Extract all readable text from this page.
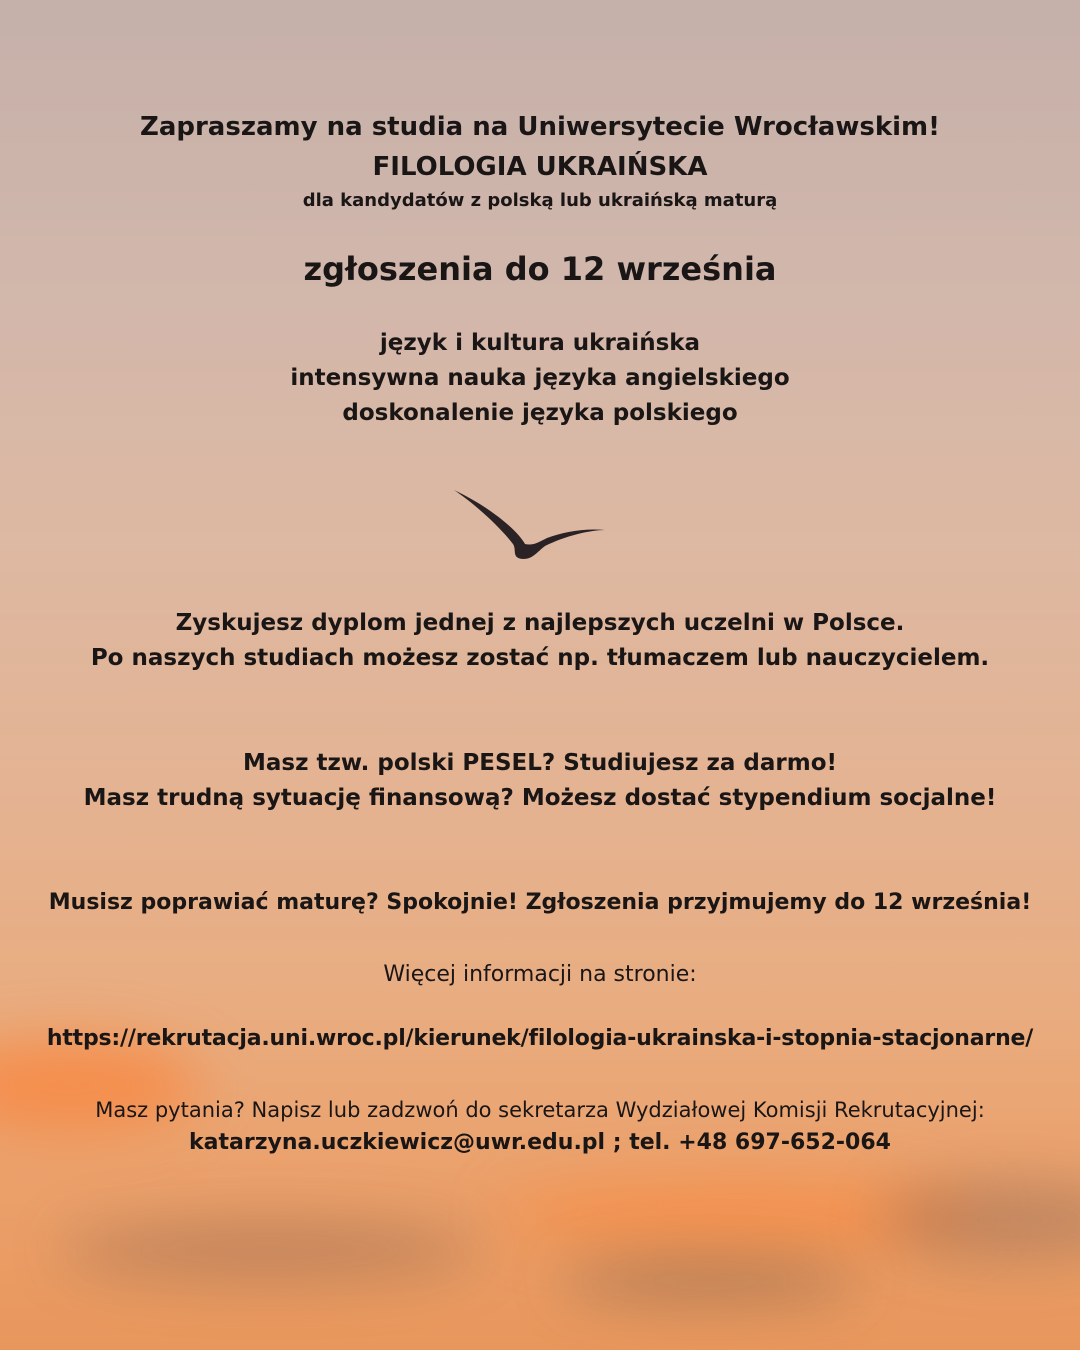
Zapraszamy na studia na Uniwersytecie Wrocławskim!

FILOLOGIA UKRAIŃSKA

dla kandydatów z polską lub ukraińską maturą

zgłoszenia do 12 września

język i kultura ukraińska

intensywna nauka języka angielskiego

doskonalenie języka polskiego

Zyskujesz dyplom jednej z najlepszych uczelni w Polsce.

Po naszych studiach możesz zostać np. tłumaczem lub nauczycielem.

Masz tzw. polski PESEL? Studiujesz za darmo!

Masz trudną sytuację finansową? Możesz dostać stypendium socjalne!

Musisz poprawiać maturę? Spokojnie! Zgłoszenia przyjmujemy do 12 września!

Więcej informacji na stronie:

https://rekrutacja.uni.wroc.pl/kierunek/filologia-ukrainska-i-stopnia-stacjonarne/

Masz pytania? Napisz lub zadzwoń do sekretarza Wydziałowej Komisji Rekrutacyjnej:

katarzyna.uczkiewicz@uwr.edu.pl ; tel. +48 697-652-064
